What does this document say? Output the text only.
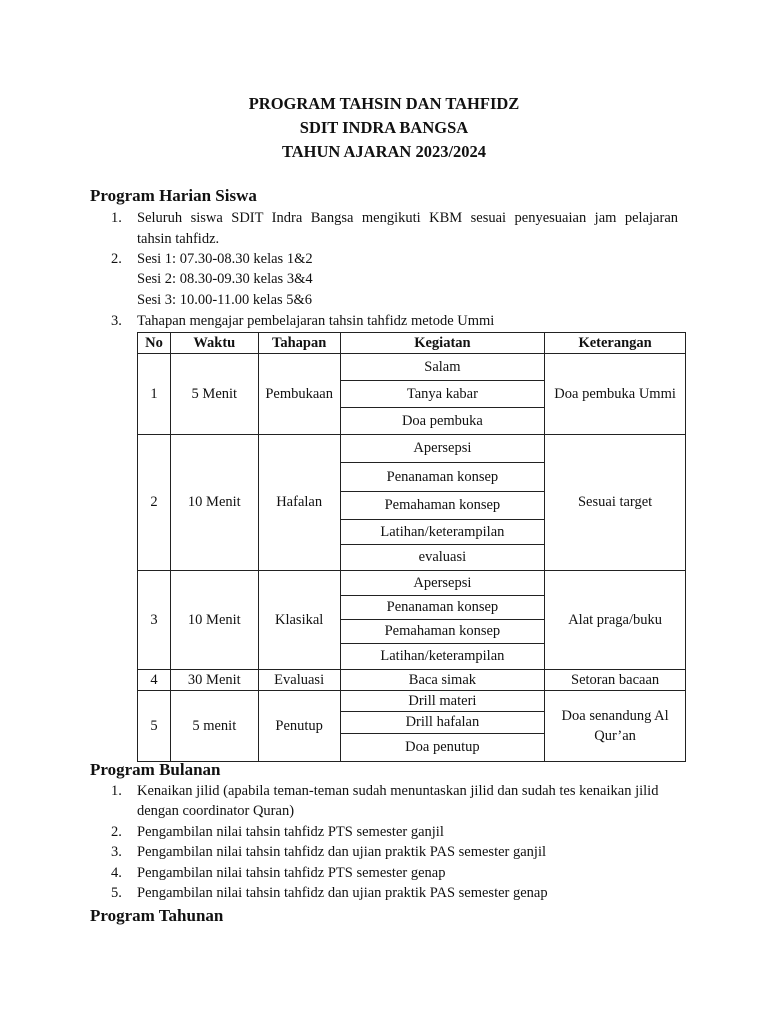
PROGRAM TAHSIN DAN TAHFIDZ
SDIT INDRA BANGSA
TAHUN AJARAN 2023/2024
Program Harian Siswa
1. Seluruh siswa SDIT Indra Bangsa mengikuti KBM sesuai penyesuaian jam pelajaran
tahsin tahfidz.
2. Sesi 1: 07.30-08.30 kelas 1&2
Sesi 2: 08.30-09.30 kelas 3&4
Sesi 3: 10.00-11.00 kelas 5&6
3. Tahapan mengajar pembelajaran tahsin tahfidz metode Ummi
No	Waktu	Tahapan	Kegiatan	Keterangan
1	5 Menit	Pembukaan	Salam
Tanya kabar
Doa pembuka	Doa pembuka Ummi
2	10 Menit	Hafalan	Apersepsi
Penanaman konsep
Pemahaman konsep
Latihan/keterampilan
evaluasi	Sesuai target
3	10 Menit	Klasikal	Apersepsi
Penanaman konsep
Pemahaman konsep
Latihan/keterampilan	Alat praga/buku
4	30 Menit	Evaluasi	Baca simak	Setoran bacaan
5	5 menit	Penutup	Drill materi
Drill hafalan
Doa penutup	Doa senandung Al Qur’an
Program Bulanan
1. Kenaikan jilid (apabila teman-teman sudah menuntaskan jilid dan sudah tes kenaikan jilid
dengan coordinator Quran)
2. Pengambilan nilai tahsin tahfidz PTS semester ganjil
3. Pengambilan nilai tahsin tahfidz dan ujian praktik PAS semester ganjil
4. Pengambilan nilai tahsin tahfidz PTS semester genap
5. Pengambilan nilai tahsin tahfidz dan ujian praktik PAS semester genap
Program Tahunan
